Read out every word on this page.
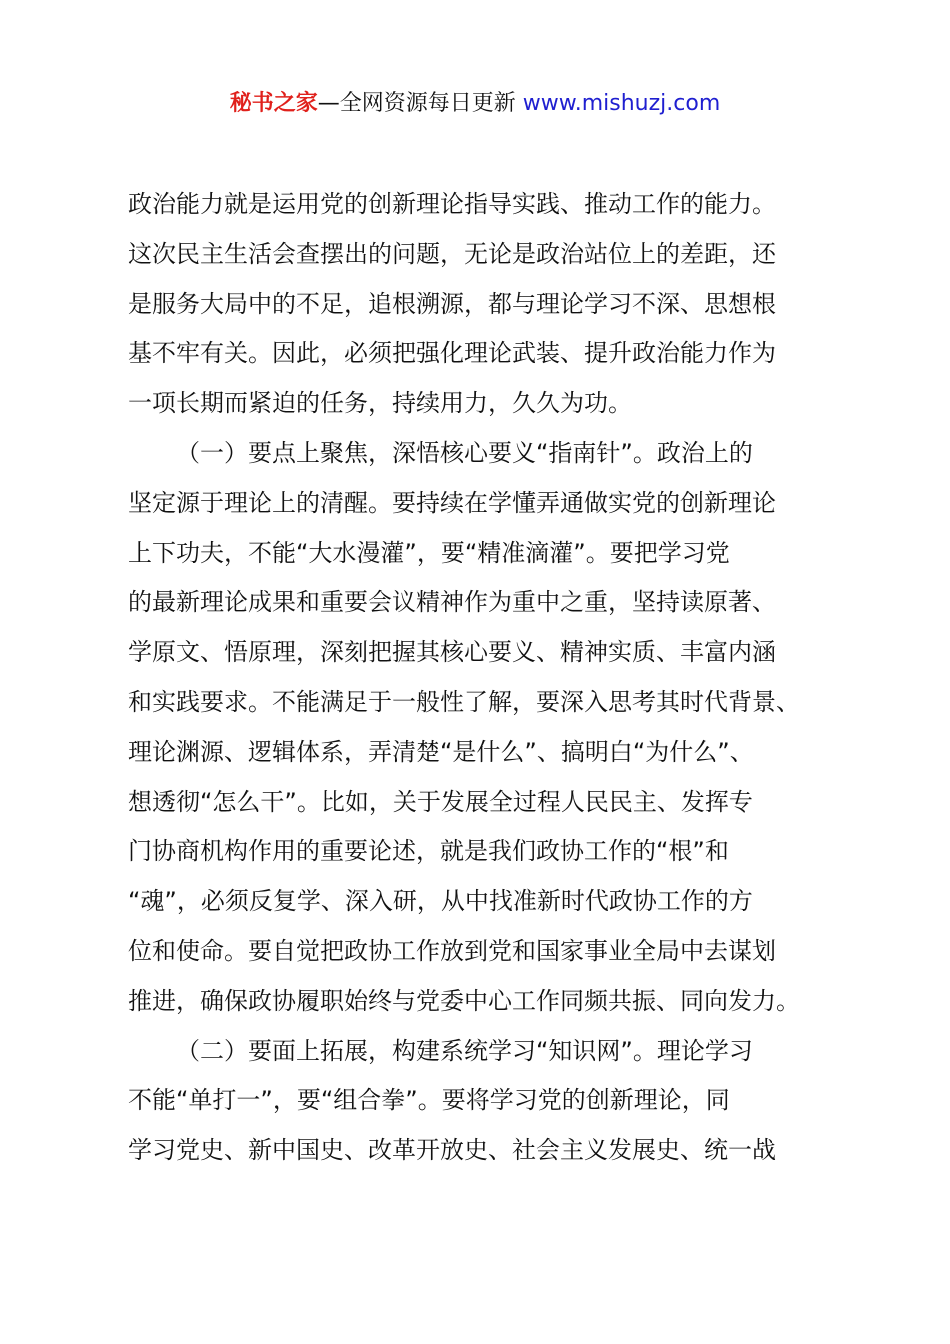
秘书之家—全网资源每日更新 www.mishuzj.com
政治能力就是运用党的创新理论指导实践、推动工作的能力。
这次民主生活会查摆出的问题，无论是政治站位上的差距，还
是服务大局中的不足，追根溯源，都与理论学习不深、思想根
基不牢有关。因此，必须把强化理论武装、提升政治能力作为
一项长期而紧迫的任务，持续用力，久久为功。
（一）要点上聚焦，深悟核心要义“指南针”。政治上的
坚定源于理论上的清醒。要持续在学懂弄通做实党的创新理论
上下功夫，不能“大水漫灌”，要“精准滴灌”。要把学习党
的最新理论成果和重要会议精神作为重中之重，坚持读原著、
学原文、悟原理，深刻把握其核心要义、精神实质、丰富内涵
和实践要求。不能满足于一般性了解，要深入思考其时代背景、
理论渊源、逻辑体系，弄清楚“是什么”、搞明白“为什么”、
想透彻“怎么干”。比如，关于发展全过程人民民主、发挥专
门协商机构作用的重要论述，就是我们政协工作的“根”和
“魂”，必须反复学、深入研，从中找准新时代政协工作的方
位和使命。要自觉把政协工作放到党和国家事业全局中去谋划
推进，确保政协履职始终与党委中心工作同频共振、同向发力。
（二）要面上拓展，构建系统学习“知识网”。理论学习
不能“单打一”，要“组合拳”。要将学习党的创新理论，同
学习党史、新中国史、改革开放史、社会主义发展史、统一战
